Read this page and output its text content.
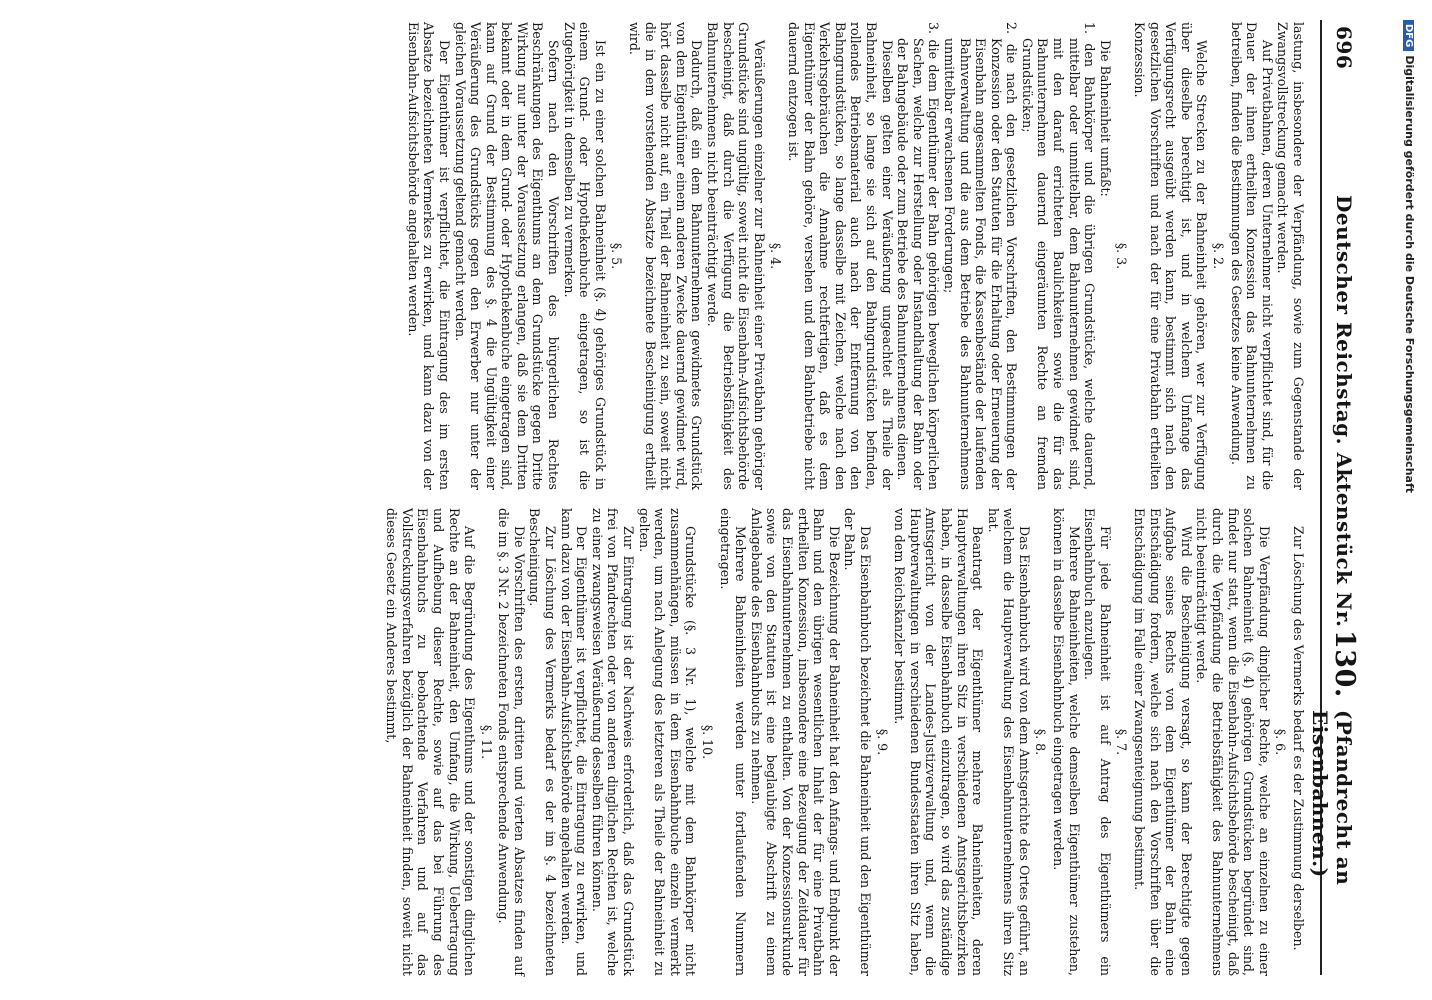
696
Deutscher Reichstag. Aktenstück Nr.
130.
(Pfandrecht an Eisenbahnen.)

lastung, insbesondere der Verpfändung, sowie zum Gegenstande der Zwangsvollstreckung gemacht werden.

Auf Privatbahnen, deren Unternehmer nicht verpflichtet sind, für die Dauer der ihnen ertheilten Konzession das Bahnunternehmen zu betreiben, finden die Bestimmungen des Gesetzes keine Anwendung.

§. 2.

Welche Strecken zu der Bahneinheit gehören, wer zur Verfügung über dieselbe berechtigt ist, und in welchem Umfange das Verfügungsrecht ausgeübt werden kann, bestimmt sich nach den gesetzlichen Vorschriften und nach der für eine Privatbahn ertheilten Konzession.

§. 3.

Die Bahneinheit umfaßt:

1. den Bahnkörper und die übrigen Grundstücke, welche dauernd, mittelbar oder unmittelbar, dem Bahnunternehmen gewidmet sind, mit den darauf errichteten Baulichkeiten sowie die für das Bahnunternehmen dauernd eingeräumten Rechte an fremden Grundstücken;

2. die nach den gesetzlichen Vorschriften, den Bestimmungen der Konzession oder den Statuten für die Erhaltung oder Erneuerung der Eisenbahn angesammelten Fonds, die Kassenbestände der laufenden Bahnverwaltung und die aus dem Betriebe des Bahnunternehmens unmittelbar erwachsenen Forderungen;

3. die dem Eigenthümer der Bahn gehörigen beweglichen körperlichen Sachen, welche zur Herstellung oder Instandhaltung der Bahn oder der Bahngebäude oder zum Betriebe des Bahnunternehmens dienen.

Dieselben gelten einer Veräußerung ungeachtet als Theile der Bahneinheit, so lange sie sich auf den Bahngrundstücken befinden, rollendes Betriebsmaterial auch nach der Entfernung von den Bahngrundstücken, so lange dasselbe mit Zeichen, welche nach den Verkehrsgebräuchen die Annahme rechtfertigen, daß es dem Eigenthümer der Bahn gehöre, versehen und dem Bahnbetriebe nicht dauernd entzogen ist.

§. 4.

Veräußerungen einzelner zur Bahneinheit einer Privatbahn gehöriger Grundstücke sind ungültig, soweit nicht die Eisenbahn-Aufsichtsbehörde bescheinigt, daß durch die Verfügung die Betriebsfähigkeit des Bahnunternehmens nicht beeinträchtigt werde.

Dadurch, daß ein dem Bahnunternehmen gewidmetes Grundstück von dem Eigenthümer einem anderen Zwecke dauernd gewidmet wird, hört dasselbe nicht auf, ein Theil der Bahneinheit zu sein, soweit nicht die in dem vorstehenden Absatze bezeichnete Bescheinigung ertheilt wird.

§. 5.

Ist ein zu einer solchen Bahneinheit (§. 4) gehöriges Grundstück in einem Grund- oder Hypothekenbuche eingetragen, so ist die Zugehörigkeit in demselben zu vermerken.

Sofern nach den Vorschriften des bürgerlichen Rechtes Beschränkungen des Eigenthums an dem Grundstücke gegen Dritte Wirkung nur unter der Voraussetzung erlangen, daß sie dem Dritten bekannt oder in dem Grund- oder Hypothekenbuche eingetragen sind, kann auf Grund der Bestimmung des §. 4 die Ungültigkeit einer Veräußerung des Grundstücks gegen den Erwerber nur unter der gleichen Voraussetzung geltend gemacht werden.

Der Eigenthümer ist verpflichtet, die Eintragung des im ersten Absatze bezeichneten Vermerkes zu erwirken, und kann dazu von der Eisenbahn-Aufsichtsbehörde angehalten werden.

Zur Löschung des Vermerks bedarf es der Zustimmung derselben.

§. 6.

Die Verpfändung dinglicher Rechte, welche an einzelnen zu einer solchen Bahneinheit (§. 4) gehörigen Grundstücken begründet sind, findet nur statt, wenn die Eisenbahn-Aufsichtsbehörde bescheinigt, daß durch die Verpfändung die Betriebsfähigkeit des Bahnunternehmens nicht beeinträchtigt werde.

Wird die Bescheinigung versagt, so kann der Berechtigte gegen Aufgabe seines Rechts von dem Eigenthümer der Bahn eine Entschädigung fordern, welche sich nach den Vorschriften über die Entschädigung im Falle einer Zwangsenteignung bestimmt.

§. 7.

Für jede Bahneinheit ist auf Antrag des Eigenthümers ein Eisenbahnbuch anzulegen.

Mehrere Bahneinheiten, welche demselben Eigenthümer zustehen, können in dasselbe Eisenbahnbuch eingetragen werden.

§. 8.

Das Eisenbahnbuch wird von dem Amtsgerichte des Ortes geführt, an welchem die Hauptverwaltung des Eisenbahnunternehmens ihren Sitz hat.

Beantragt der Eigenthümer mehrere Bahneinheiten, deren Hauptverwaltungen ihren Sitz in verschiedenen Amtsgerichtsbezirken haben, in dasselbe Eisenbahnbuch einzutragen, so wird das zuständige Amtsgericht von der Landes-Justizverwaltung und, wenn die Hauptverwaltungen in verschiedenen Bundesstaaten ihren Sitz haben, von dem Reichskanzler bestimmt.

§. 9.

Das Eisenbahnbuch bezeichnet die Bahneinheit und den Eigenthümer der Bahn.

Die Bezeichnung der Bahneinheit hat den Anfangs- und Endpunkt der Bahn und den übrigen wesentlichen Inhalt der für eine Privatbahn ertheilten Konzession, insbesondere eine Bezeugung der Zeitdauer für das Eisenbahnunternehmen zu enthalten. Von der Konzessionsurkunde sowie von den Statuten ist eine beglaubigte Abschrift zu einem Anlagebande des Eisenbahnbuchs zu nehmen.

Mehrere Bahneinheiten werden unter fortlaufenden Nummern eingetragen.

§. 10.

Grundstücke (§. 3 Nr. 1), welche mit dem Bahnkörper nicht zusammenhängen, müssen in dem Eisenbahnbuche einzeln vermerkt werden, um nach Anlegung des letzteren als Theile der Bahneinheit zu gelten.

Zur Eintragung ist der Nachweis erforderlich, daß das Grundstück frei von Pfandrechten oder von anderen dinglichen Rechten ist, welche zu einer zwangsweisen Veräußerung desselben führen können.

Der Eigenthümer ist verpflichtet, die Eintragung zu erwirken, und kann dazu von der Eisenbahn-Aufsichtsbehörde angehalten werden.

Zur Löschung des Vermerks bedarf es der im §. 4 bezeichneten Bescheinigung.

Die Vorschriften des ersten, dritten und vierten Absatzes finden auf die im §. 3 Nr. 2 bezeichneten Fonds entsprechende Anwendung.

§. 11.

Auf die Begründung des Eigenthums und der sonstigen dinglichen Rechte an der Bahneinheit, den Umfang, die Wirkung, Uebertragung und Aufhebung dieser Rechte, sowie auf das bei Führung des Eisenbahnbuchs zu beobachtende Verfahren und auf das Vollstreckungsverfahren bezüglich der Bahneinheit finden, soweit nicht dieses Gesetz ein Anderes bestimmt,

DFGDigitalisierung gefördert durch die Deutsche Forschungsgemeinschaft
